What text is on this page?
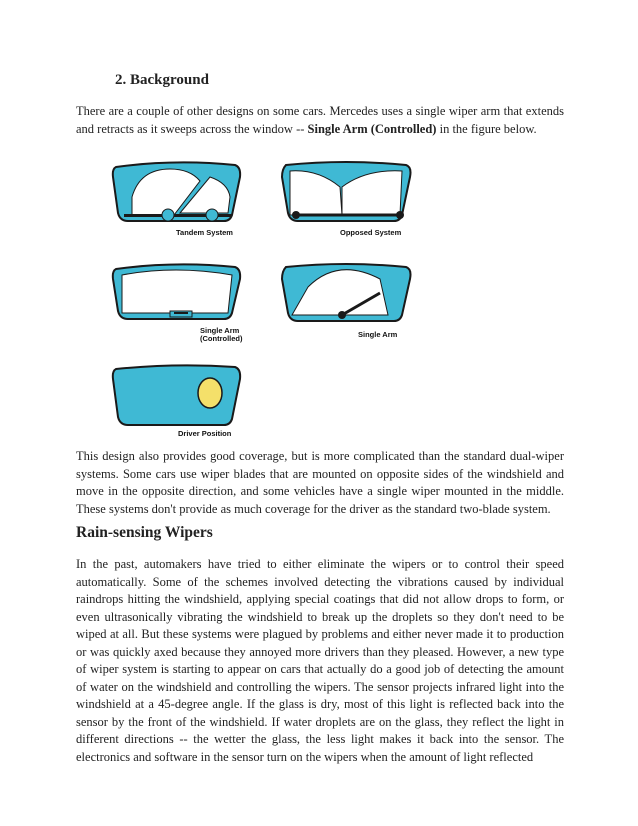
2. Background
There are a couple of other designs on some cars. Mercedes uses a single wiper arm that extends and retracts as it sweeps across the window -- Single Arm (Controlled) in the figure below.
Tandem System	Opposed System
Single Arm
(Controlled)	Single Arm
Driver Position
This design also provides good coverage, but is more complicated than the standard dual-wiper systems. Some cars use wiper blades that are mounted on opposite sides of the windshield and move in the opposite direction, and some vehicles have a single wiper mounted in the middle. These systems don't provide as much coverage for the driver as the standard two-blade system.
Rain-sensing Wipers
In the past, automakers have tried to either eliminate the wipers or to control their speed automatically. Some of the schemes involved detecting the vibrations caused by individual raindrops hitting the windshield, applying special coatings that did not allow drops to form, or even ultrasonically vibrating the windshield to break up the droplets so they don't need to be wiped at all. But these systems were plagued by problems and either never made it to production or was quickly axed because they annoyed more drivers than they pleased. However, a new type of wiper system is starting to appear on cars that actually do a good job of detecting the amount of water on the windshield and controlling the wipers. The sensor projects infrared light into the windshield at a 45-degree angle. If the glass is dry, most of this light is reflected back into the sensor by the front of the windshield. If water droplets are on the glass, they reflect the light in different directions -- the wetter the glass, the less light makes it back into the sensor. The electronics and software in the sensor turn on the wipers when the amount of light reflected
